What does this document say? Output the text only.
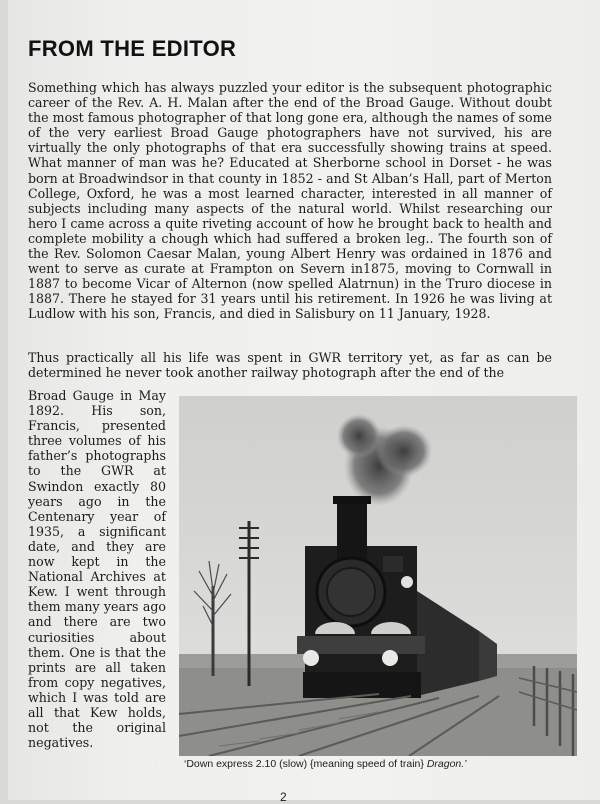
FROM THE EDITOR

Something which has always puzzled your editor is the subsequent photographic career of the Rev. A. H. Malan after the end of the Broad Gauge. Without doubt the most famous photographer of that long gone era, although the names of some of the very earliest Broad Gauge photographers have not survived, his are virtually the only photographs of that era successfully showing trains at speed. What manner of man was he? Educated at Sherborne school in Dorset - he was born at Broadwindsor in that county in 1852 - and St Alban’s Hall, part of Merton College, Oxford, he was a most learned character, interested in all manner of subjects including many aspects of the natural world. Whilst researching our hero I came across a quite riveting account of how he brought back to health and complete mobility a chough which had suffered a broken leg.. The fourth son of the Rev. Solomon Caesar Malan, young Albert Henry was ordained in 1876 and went to serve as curate at Frampton on Severn in1875, moving to Cornwall in 1887 to become Vicar of Alternon (now spelled Alatrnun) in the Truro diocese in 1887. There he stayed for 31 years until his retirement. In 1926 he was living at Ludlow with his son, Francis, and died in Salisbury on 11 January, 1928.

Thus practically all his life was spent in GWR territory yet, as far as can be determined he never took another railway photograph after the end of the

Broad Gauge in May 1892. His son, Francis, presented three volumes of his father’s photographs to the GWR at Swindon exactly 80 years ago in the Centenary year of 1935, a significant date, and they are now kept in the National Archives at Kew. I went through them many years ago and there are two curiosities about them. One is that the prints are all taken from copy negatives, which I was told are all that Kew holds, not the original negatives.

‘Down express 2.10 (slow) {meaning speed of train} Dragon.’
2
